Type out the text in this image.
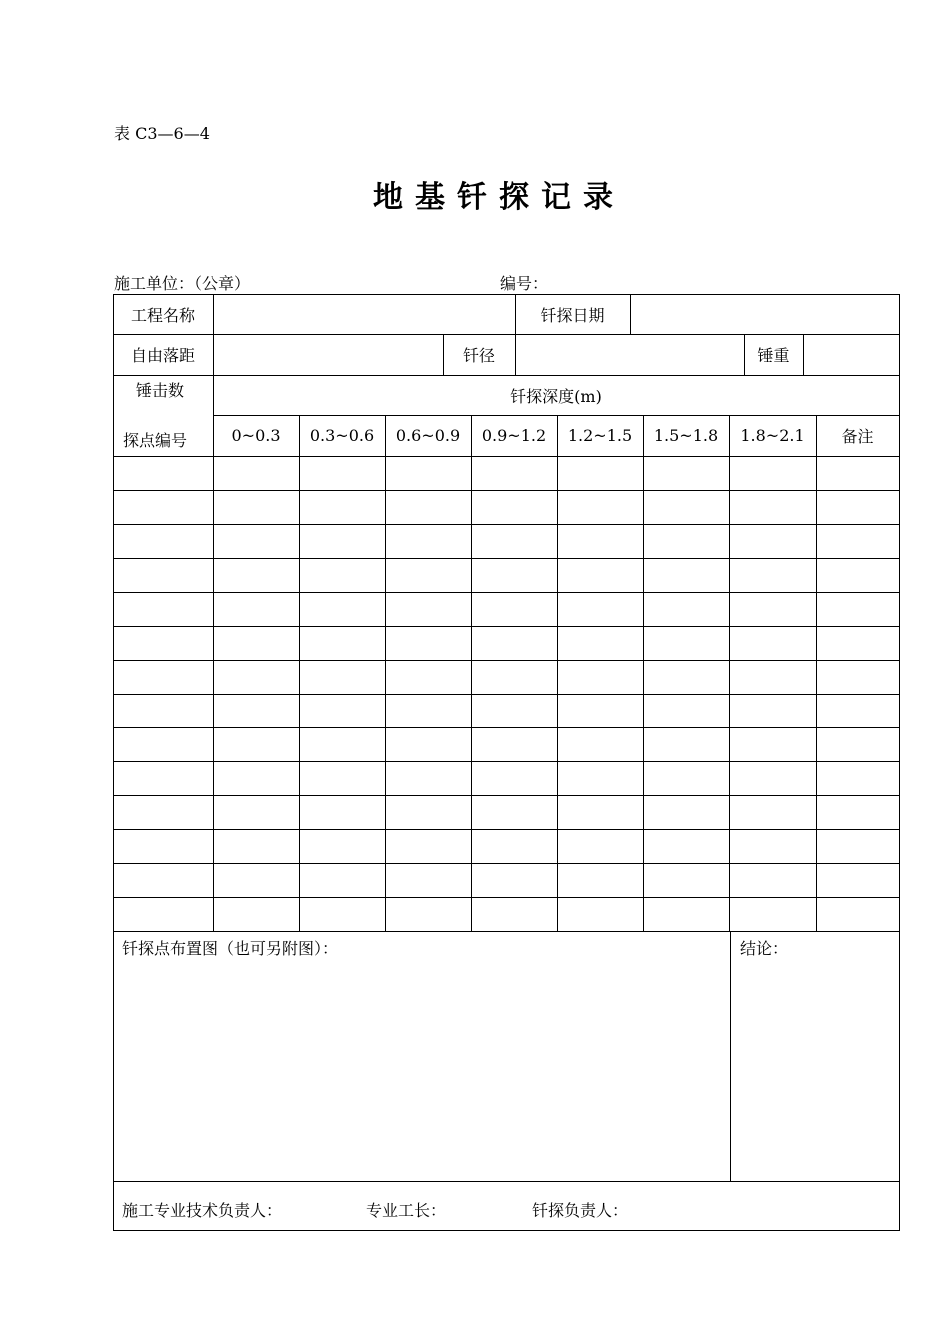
表 C3—6—4
地基钎探记录
施工单位：（公章）	编号：
工程名称	钎探日期
自由落距	钎径	锤重
锤击数
探点编号
钎探深度(m)
0~0.3	0.3~0.6	0.6~0.9	0.9~1.2	1.2~1.5	1.5~1.8	1.8~2.1	备注
钎探点布置图（也可另附图）：	结论：
施工专业技术负责人：	专业工长：	钎探负责人：
